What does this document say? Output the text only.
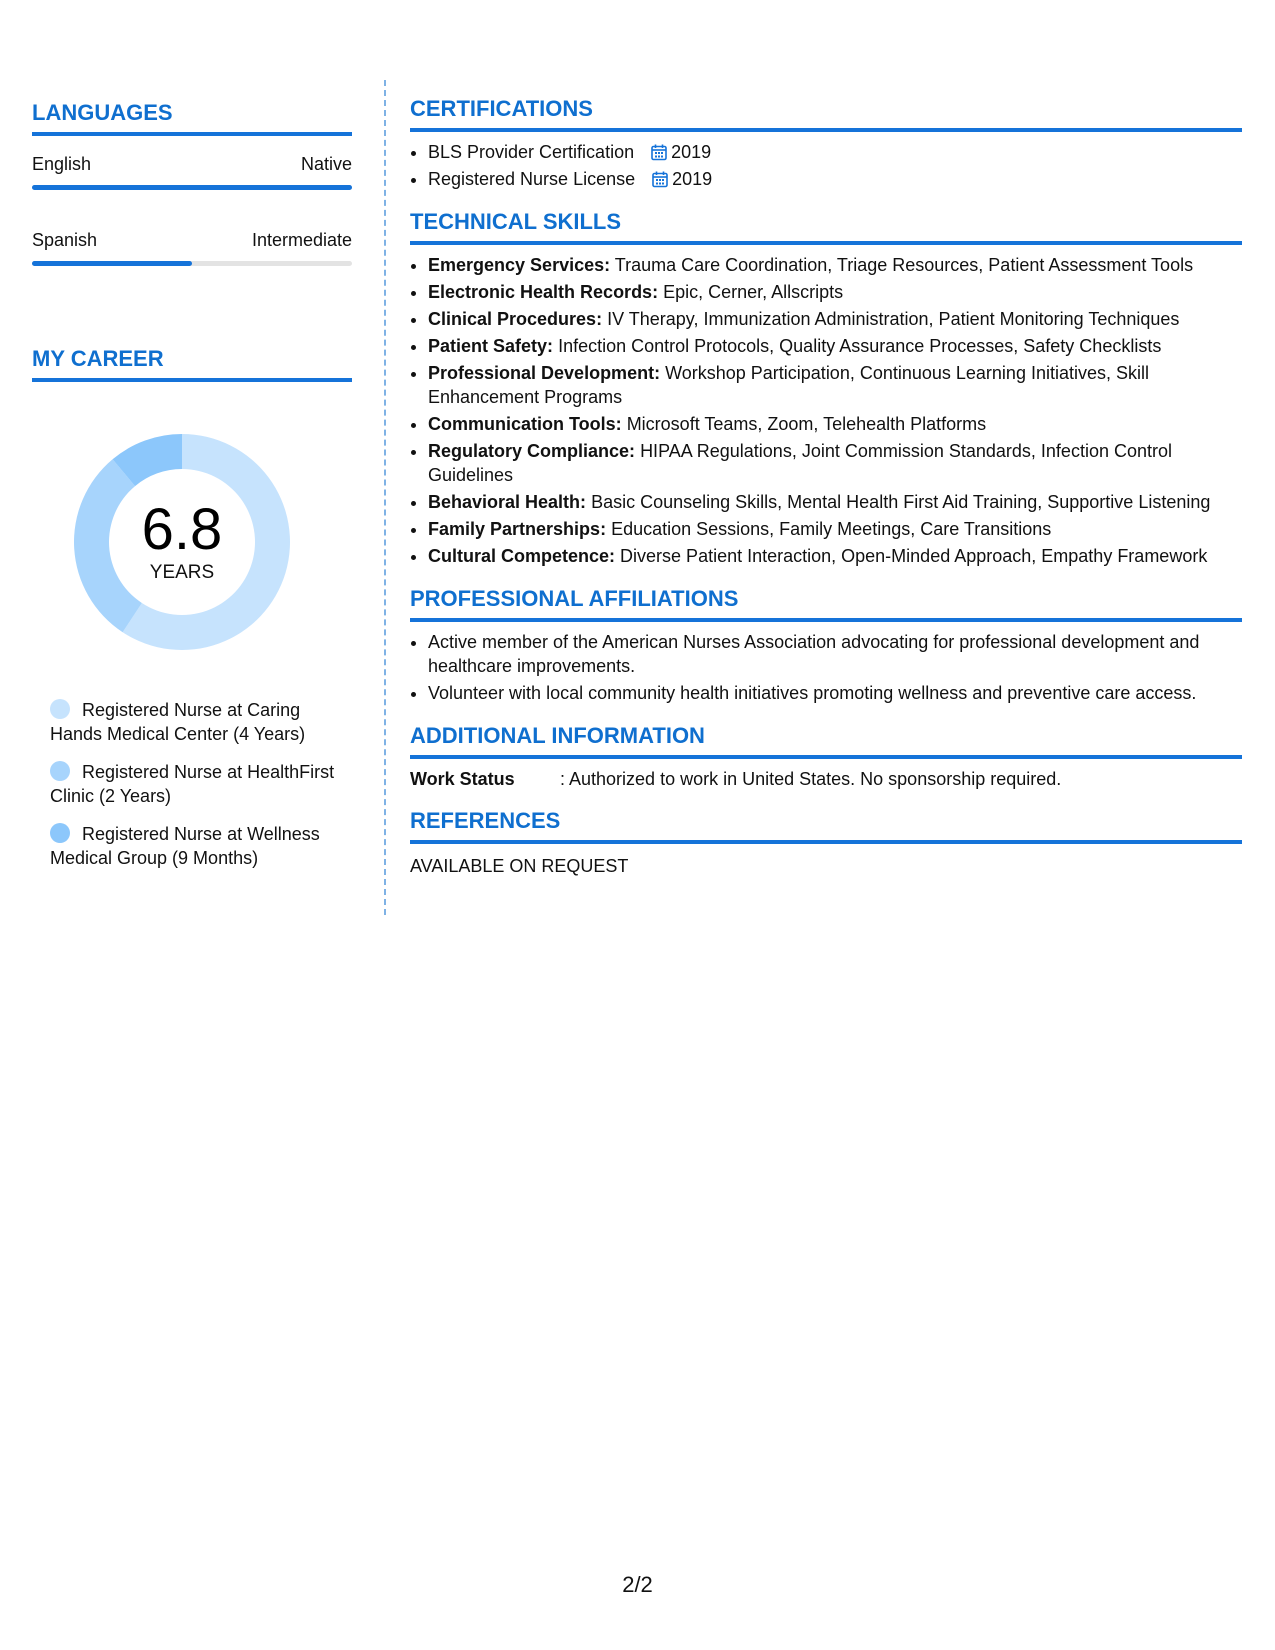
LANGUAGES
English	Native
Spanish	Intermediate
MY CAREER
6.8
YEARS
Registered Nurse at Caring Hands Medical Center (4 Years)
Registered Nurse at HealthFirst Clinic (2 Years)
Registered Nurse at Wellness Medical Group (9 Months)
CERTIFICATIONS
• BLS Provider Certification 2019
• Registered Nurse License 2019
TECHNICAL SKILLS
• Emergency Services: Trauma Care Coordination, Triage Resources, Patient Assessment Tools
• Electronic Health Records: Epic, Cerner, Allscripts
• Clinical Procedures: IV Therapy, Immunization Administration, Patient Monitoring Techniques
• Patient Safety: Infection Control Protocols, Quality Assurance Processes, Safety Checklists
• Professional Development: Workshop Participation, Continuous Learning Initiatives, Skill Enhancement Programs
• Communication Tools: Microsoft Teams, Zoom, Telehealth Platforms
• Regulatory Compliance: HIPAA Regulations, Joint Commission Standards, Infection Control Guidelines
• Behavioral Health: Basic Counseling Skills, Mental Health First Aid Training, Supportive Listening
• Family Partnerships: Education Sessions, Family Meetings, Care Transitions
• Cultural Competence: Diverse Patient Interaction, Open-Minded Approach, Empathy Framework
PROFESSIONAL AFFILIATIONS
• Active member of the American Nurses Association advocating for professional development and healthcare improvements.
• Volunteer with local community health initiatives promoting wellness and preventive care access.
ADDITIONAL INFORMATION
Work Status	: Authorized to work in United States. No sponsorship required.
REFERENCES
AVAILABLE ON REQUEST
2/2
